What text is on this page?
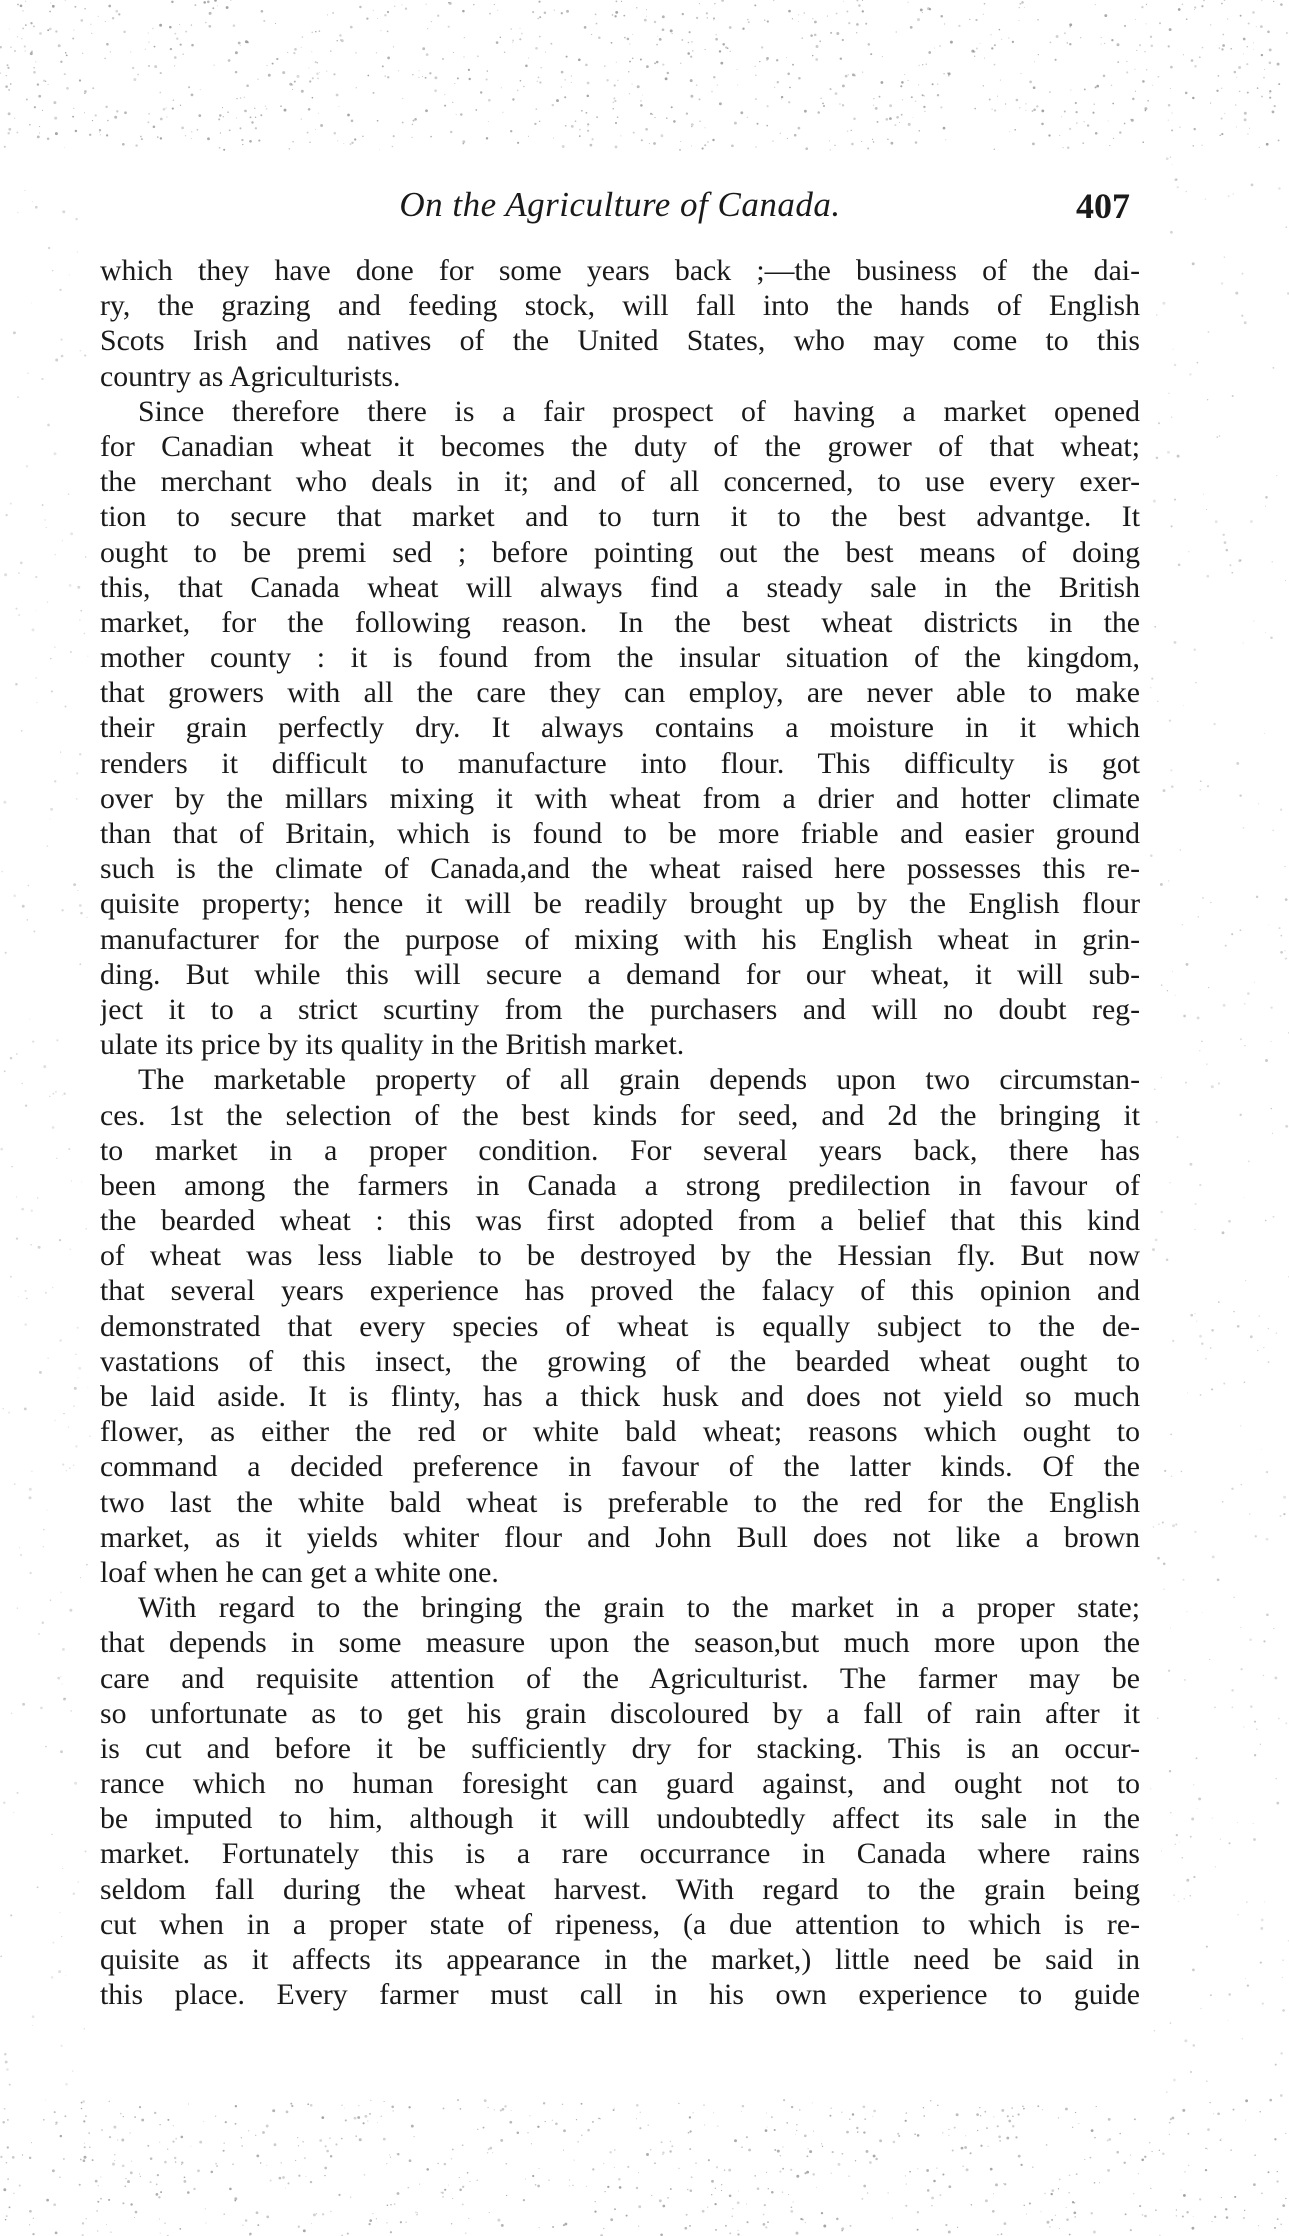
On the Agriculture of Canada.	407
which they have done for some years back ;—the business of the dai-
ry, the grazing and feeding stock, will fall into the hands of English
Scots Irish and natives of the United States, who may come to this
country as Agriculturists.
Since therefore there is a fair prospect of having a market opened
for Canadian wheat it becomes the duty of the grower of that wheat;
the merchant who deals in it; and of all concerned, to use every exer-
tion to secure that market and to turn it to the best advantge. It
ought to be premi sed ; before pointing out the best means of doing
this, that Canada wheat will always find a steady sale in the British
market, for the following reason. In the best wheat districts in the
mother county : it is found from the insular situation of the kingdom,
that growers with all the care they can employ, are never able to make
their grain perfectly dry. It always contains a moisture in it which
renders it difficult to manufacture into flour. This difficulty is got
over by the millars mixing it with wheat from a drier and hotter climate
than that of Britain, which is found to be more friable and easier ground
such is the climate of Canada,and the wheat raised here possesses this re-
quisite property; hence it will be readily brought up by the English flour
manufacturer for the purpose of mixing with his English wheat in grin-
ding. But while this will secure a demand for our wheat, it will sub-
ject it to a strict scurtiny from the purchasers and will no doubt reg-
ulate its price by its quality in the British market.
The marketable property of all grain depends upon two circumstan-
ces. 1st the selection of the best kinds for seed, and 2d the bringing it
to market in a proper condition. For several years back, there has
been among the farmers in Canada a strong predilection in favour of
the bearded wheat : this was first adopted from a belief that this kind
of wheat was less liable to be destroyed by the Hessian fly. But now
that several years experience has proved the falacy of this opinion and
demonstrated that every species of wheat is equally subject to the de-
vastations of this insect, the growing of the bearded wheat ought to
be laid aside. It is flinty, has a thick husk and does not yield so much
flower, as either the red or white bald wheat; reasons which ought to
command a decided preference in favour of the latter kinds. Of the
two last the white bald wheat is preferable to the red for the English
market, as it yields whiter flour and John Bull does not like a brown
loaf when he can get a white one.
With regard to the bringing the grain to the market in a proper state;
that depends in some measure upon the season,but much more upon the
care and requisite attention of the Agriculturist. The farmer may be
so unfortunate as to get his grain discoloured by a fall of rain after it
is cut and before it be sufficiently dry for stacking. This is an occur-
rance which no human foresight can guard against, and ought not to
be imputed to him, although it will undoubtedly affect its sale in the
market. Fortunately this is a rare occurrance in Canada where rains
seldom fall during the wheat harvest. With regard to the grain being
cut when in a proper state of ripeness, (a due attention to which is re-
quisite as it affects its appearance in the market,) little need be said in
this place. Every farmer must call in his own experience to guide
